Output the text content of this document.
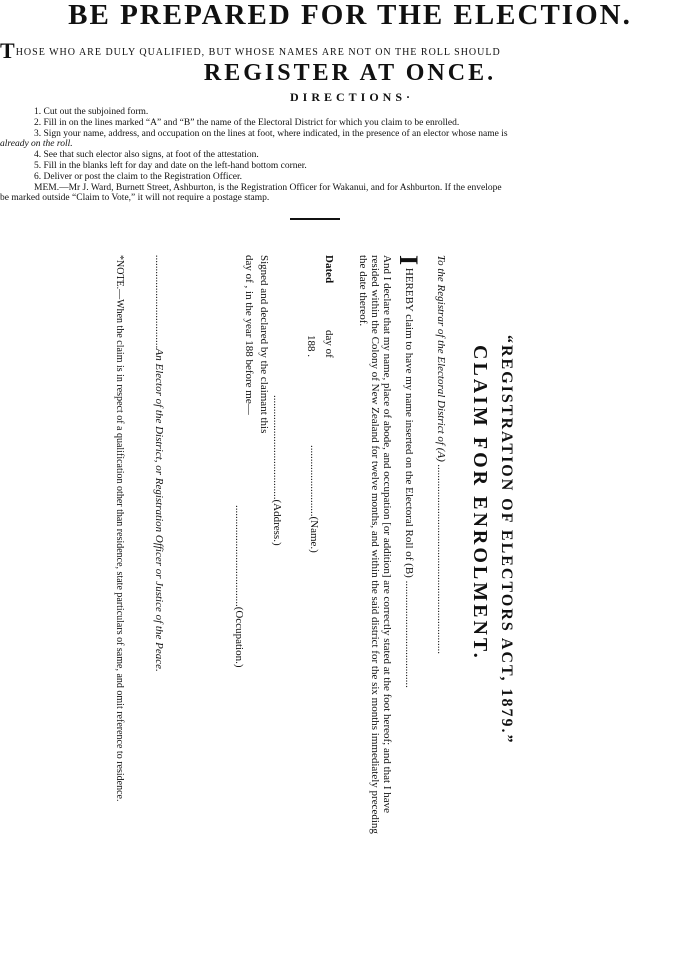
BE PREPARED FOR THE ELECTION.
THOSE WHO ARE DULY QUALIFIED, BUT WHOSE NAMES ARE NOT ON THE ROLL SHOULD
REGISTER AT ONCE.
DIRECTIONS·
1. Cut out the subjoined form.
2. Fill in on the lines marked “A” and “B” the name of the Electoral District for which you claim to be enrolled.
3. Sign your name, address, and occupation on the lines at foot, where indicated, in the presence of an elector whose name is
already on the roll.
4. See that such elector also signs, at foot of the attestation.
5. Fill in the blanks left for day and date on the left-hand bottom corner.
6. Deliver or post the claim to the Registration Officer.
MEM.—Mr J. Ward, Burnett Street, Ashburton, is the Registration Officer for Wakanui, and for Ashburton. If the envelope
be marked outside “Claim to Vote,” it will not require a postage stamp.
“REGISTRATION OF ELECTORS ACT, 1879.”
CLAIM FOR ENROLMENT.
To the Registrar of the Electoral District of (A) .....................................................................
I HEREBY claim to have my name inserted on the Electoral Roll of (B) .......................................
And I declare that my name, place of abode, and occupation [or addition] are correctly stated at the foot hereof; and that I have
resided within the Colony of New Zealand for twelve months, and within the said district for the six months immediately preceding
the date thereof.
Dated
day of
188 .
..........................(Name.)
......................................(Address.)
Signed and declared by the claimant this
day of , in the year 188 before me—
.....................................(Occupation.)
..................................An Elector of the District, or Registration Officer or Justice of the Peace.
*NOTE.—When the claim is in respect of a qualification other than residence, state particulars of same, and omit reference to residence.
